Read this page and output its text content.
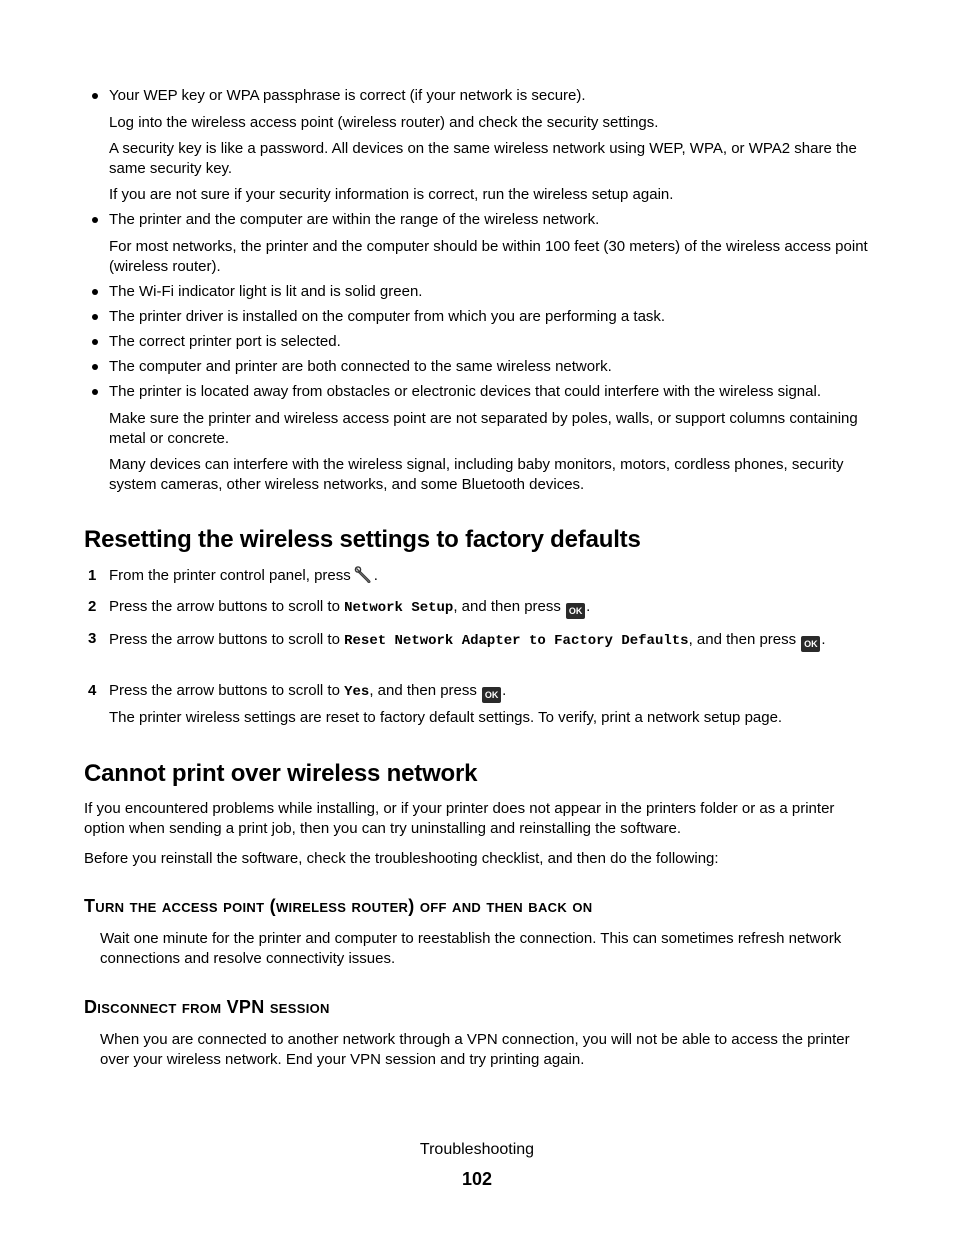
Your WEP key or WPA passphrase is correct (if your network is secure).

Log into the wireless access point (wireless router) and check the security settings.

A security key is like a password. All devices on the same wireless network using WEP, WPA, or WPA2 share the same security key.

If you are not sure if your security information is correct, run the wireless setup again.

The printer and the computer are within the range of the wireless network.

For most networks, the printer and the computer should be within 100 feet (30 meters) of the wireless access point (wireless router).

The Wi-Fi indicator light is lit and is solid green.

The printer driver is installed on the computer from which you are performing a task.

The correct printer port is selected.

The computer and printer are both connected to the same wireless network.

The printer is located away from obstacles or electronic devices that could interfere with the wireless signal.

Make sure the printer and wireless access point are not separated by poles, walls, or support columns containing metal or concrete.

Many devices can interfere with the wireless signal, including baby monitors, motors, cordless phones, security system cameras, other wireless networks, and some Bluetooth devices.

Resetting the wireless settings to factory defaults
1 From the printer control panel, press .

2 Press the arrow buttons to scroll to Network Setup, and then press OK .

3 Press the arrow buttons to scroll to Reset Network Adapter to Factory Defaults, and then press OK .

4 Press the arrow buttons to scroll to Yes, and then press OK .

The printer wireless settings are reset to factory default settings. To verify, print a network setup page.

Cannot print over wireless network

If you encountered problems while installing, or if your printer does not appear in the printers folder or as a printer option when sending a print job, then you can try uninstalling and reinstalling the software.

Before you reinstall the software, check the troubleshooting checklist, and then do the following:

Turn the access point (wireless router) off and then back on

Wait one minute for the printer and computer to reestablish the connection. This can sometimes refresh network connections and resolve connectivity issues.

Disconnect from VPN session

When you are connected to another network through a VPN connection, you will not be able to access the printer over your wireless network. End your VPN session and try printing again.

Troubleshooting
102
